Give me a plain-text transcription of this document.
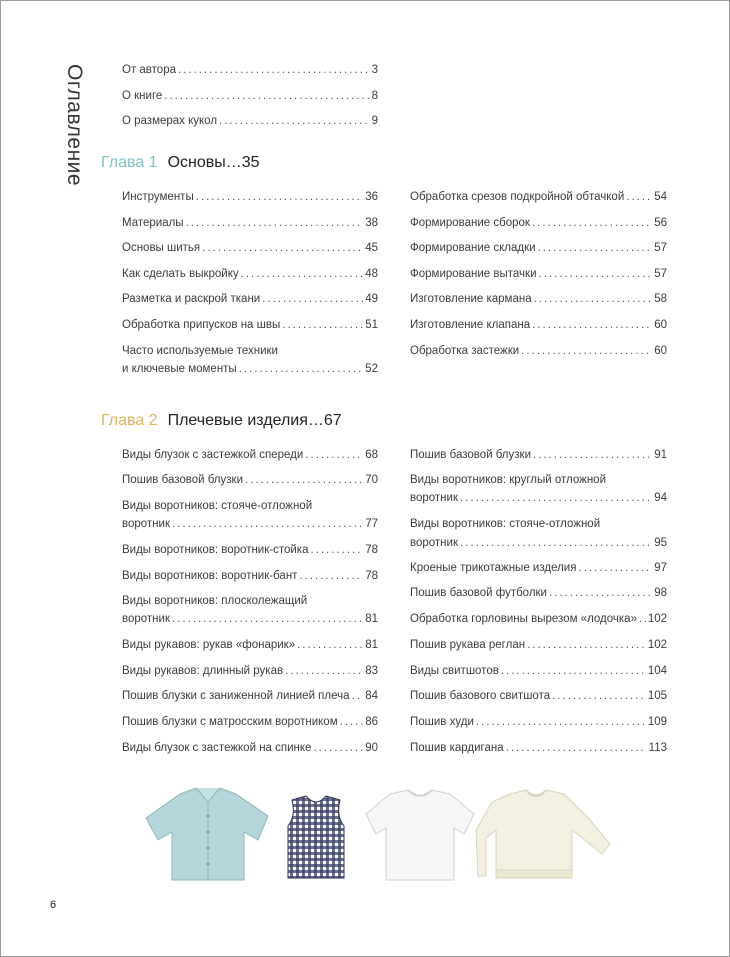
Оглавление	От автора . . .	3
О книге . . .	8
О размерах кукол . . .	9
Глава 1 Основы…35
Инструменты . . .	36
Материалы . . .	38
Основы шитья . . .	45
Как сделать выкройку . . .	48
Разметка и раскрой ткани . . .	49
Обработка припусков на швы . . .	51
Часто используемые техники
и ключевые моменты . . .	52
Обработка срезов подкройной обтачкой . . .	54
Формирование сборок . . .	56
Формирование складки . . .	57
Формирование вытачки . . .	57
Изготовление кармана . . .	58
Изготовление клапана . . .	60
Обработка застежки . . .	60
Глава 2 Плечевые изделия…67
Виды блузок с застежкой спереди . . .	68
Пошив базовой блузки . . .	70
Виды воротников: стояче-отложной
воротник . . .	77
Виды воротников: воротник-стойка . . .	78
Виды воротников: воротник-бант . . .	78
Виды воротников: плосколежащий
воротник . . .	81
Виды рукавов: рукав «фонарик» . . .	81
Виды рукавов: длинный рукав . . .	83
Пошив блузки с заниженной линией плеча . . . 84
Пошив блузки с матросским воротником . . . 86
Виды блузок с застежкой на спинке . . .	90
Пошив базовой блузки . . .	91
Виды воротников: круглый отложной
воротник . . .	94
Виды воротников: стояче-отложной
воротник . . .	95
Кроеные трикотажные изделия . . .	97
Пошив базовой футболки . . .	98
Обработка горловины вырезом «лодочка» . . . 102
Пошив рукава реглан . . .	102
Виды свитшотов . . .	104
Пошив базового свитшота . . .	105
Пошив худи . . .	109
Пошив кардигана . . .	113
6
